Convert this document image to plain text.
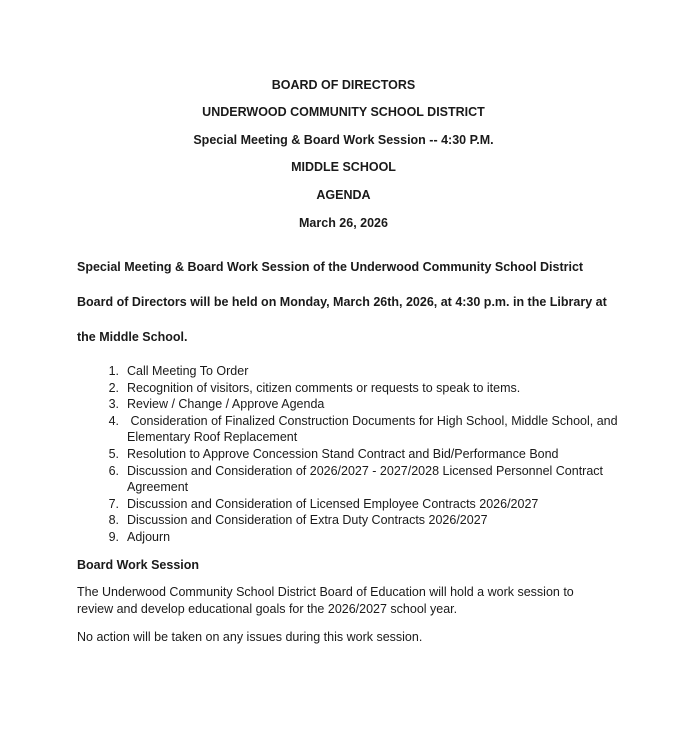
BOARD OF DIRECTORS
UNDERWOOD COMMUNITY SCHOOL DISTRICT
Special Meeting & Board Work Session -- 4:30 P.M.
MIDDLE SCHOOL
AGENDA
March 26, 2026
Special Meeting & Board Work Session of the Underwood Community School District
Board of Directors will be held on Monday, March 26th, 2026, at 4:30 p.m. in the Library at
the Middle School.
1. Call Meeting To Order
2. Recognition of visitors, citizen comments or requests to speak to items.
3. Review / Change / Approve Agenda
4. Consideration of Finalized Construction Documents for High School, Middle School, and Elementary Roof Replacement
5. Resolution to Approve Concession Stand Contract and Bid/Performance Bond
6. Discussion and Consideration of 2026/2027 - 2027/2028 Licensed Personnel Contract Agreement
7. Discussion and Consideration of Licensed Employee Contracts 2026/2027
8. Discussion and Consideration of Extra Duty Contracts 2026/2027
9. Adjourn
Board Work Session
The Underwood Community School District Board of Education will hold a work session to review and develop educational goals for the 2026/2027 school year.
No action will be taken on any issues during this work session.
